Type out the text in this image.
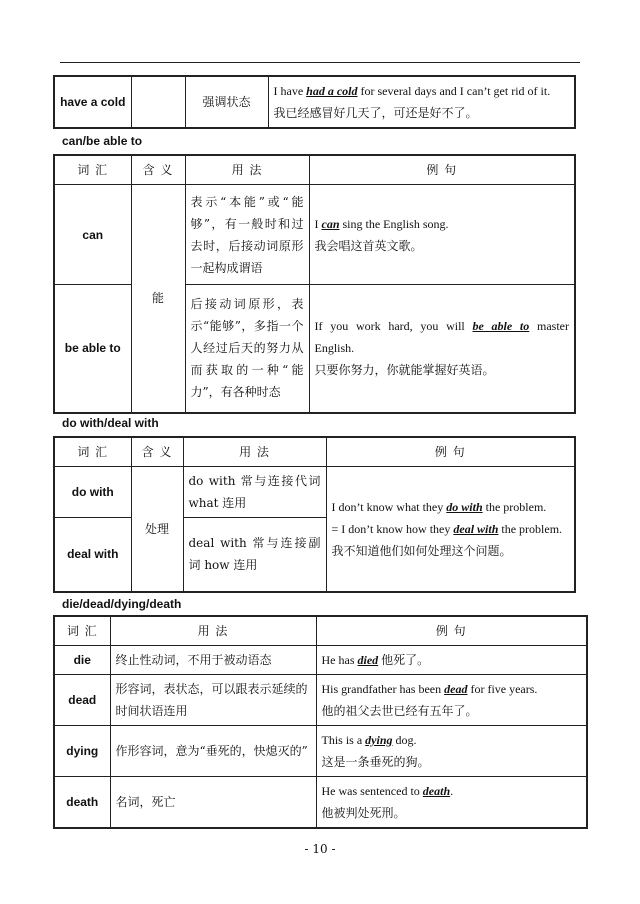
have a cold		强调状态	I have had a cold for several days and I can’t get rid of it.
我已经感冒好几天了，可还是好不了。
can/be able to
词 汇	含 义	用 法	例 句
can	能	表示“本能”或“能够”，有一般时和过去时，后接动词原形一起构成谓语	I can sing the English song.
我会唱这首英文歌。

be able to		后接动词原形，表示“能够”，多指一个人经过后天的努力从而获取的一种“能力”，有各种时态	If you work hard, you will be able to master English.
只要你努力，你就能掌握好英语。
do with/deal with
词 汇	含 义	用 法	例 句
do with	处理	do with 常与连接代词 what 连用	I don’t know what they do with the problem.
= I don’t know how they deal with the problem.
我不知道他们如何处理这个问题。

deal with		deal with 常与连接副词 how 连用	
die/dead/dying/death
词 汇	用 法	例 句
die	终止性动词，不用于被动语态	He has died 他死了。
dead	形容词，表状态，可以跟表示延续的时间状语连用	His grandfather has been dead for five years.
他的祖父去世已经有五年了。

dying	作形容词，意为“垂死的，快熄灭的”	This is a dying dog.
这是一条垂死的狗。

death	名词，死亡	He was sentenced to death.
他被判处死刑。
- 10 -
